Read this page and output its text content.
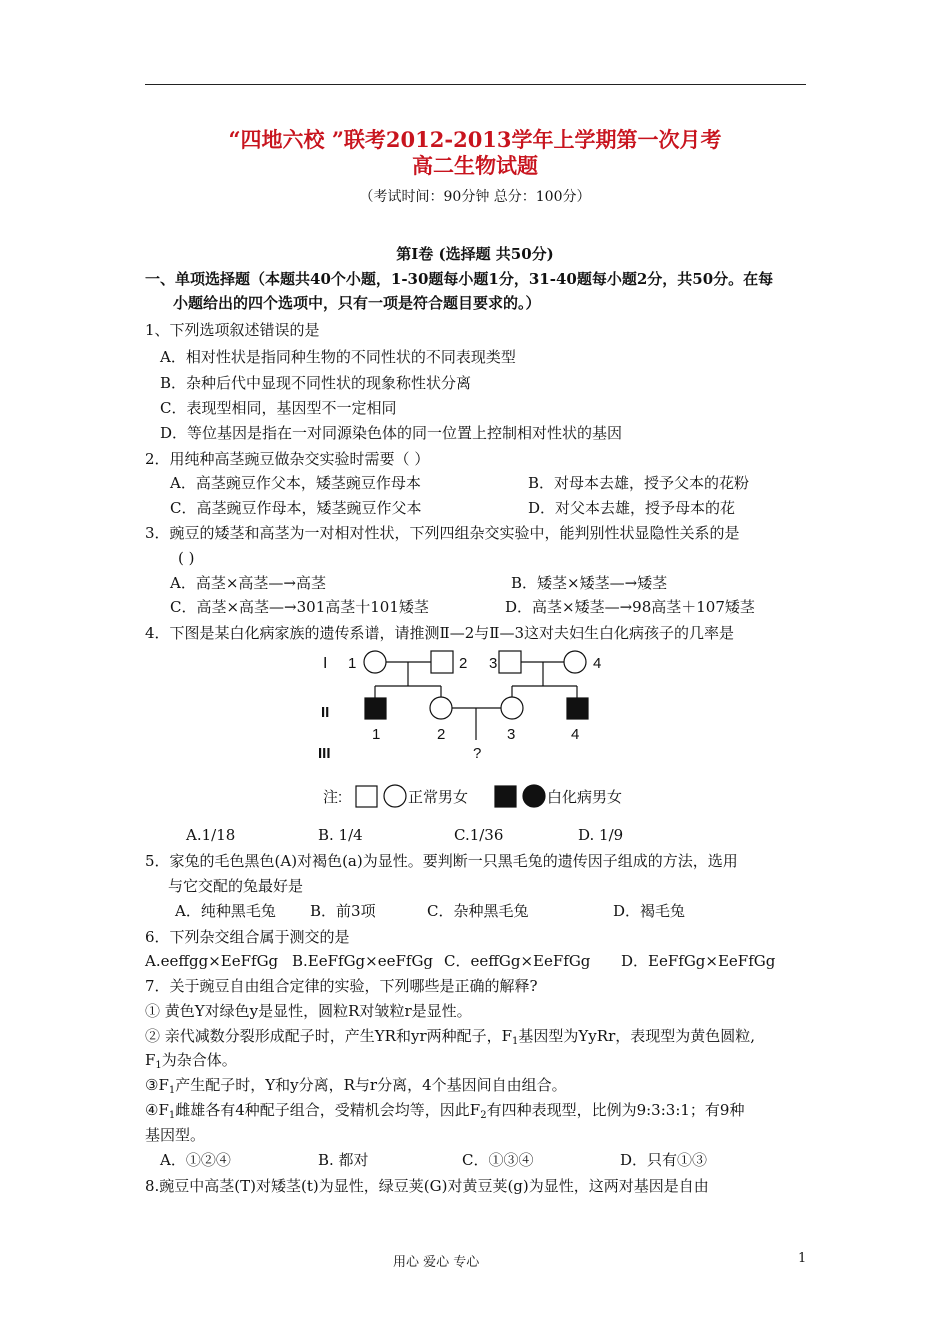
“四地六校 ”联考2012-2013学年上学期第一次月考
高二生物试题
（考试时间：90分钟 总分：100分）
第Ⅰ卷 (选择题 共50分)
一、单项选择题（本题共40个小题，1-30题每小题1分，31-40题每小题2分，共50分。在每
小题给出的四个选项中，只有一项是符合题目要求的。）
1、下列选项叙述错误的是
A．相对性状是指同种生物的不同性状的不同表现类型
B．杂种后代中显现不同性状的现象称性状分离
C．表现型相同，基因型不一定相同
D．等位基因是指在一对同源染色体的同一位置上控制相对性状的基因
2．用纯种高茎豌豆做杂交实验时需要（ ）
A．高茎豌豆作父本，矮茎豌豆作母本	B．对母本去雄，授予父本的花粉
C．高茎豌豆作母本，矮茎豌豆作父本	D．对父本去雄，授予母本的花
3．豌豆的矮茎和高茎为一对相对性状，下列四组杂交实验中，能判别性状显隐性关系的是
( )
A．高茎×高茎—→高茎	B．矮茎×矮茎—→矮茎
C．高茎×高茎—→301高茎十101矮茎	D．高茎×矮茎—→98高茎＋107矮茎
4．下图是某白化病家族的遗传系谱，请推测Ⅱ—2与Ⅱ—3这对夫妇生白化病孩子的几率是
Ⅰ
II
III
1	2 3	4
1	2	3	4
?
注:	正常男女	白化病男女
A.1/18	B. 1/4	C.1/36	D. 1/9
5．家兔的毛色黑色(A)对褐色(a)为显性。要判断一只黑毛兔的遗传因子组成的方法，选用
与它交配的兔最好是
A．纯种黑毛兔 B．前3项	C．杂种黑毛兔	D．褐毛兔
6．下列杂交组合属于测交的是
A.eeffgg×EeFfGg B.EeFfGg×eeFfGg C．eeffGg×EeFfGg D．EeFfGg×EeFfGg
7．关于豌豆自由组合定律的实验，下列哪些是正确的解释?
① 黄色Y对绿色y是显性，圆粒R对皱粒r是显性。
② 亲代减数分裂形成配子时，产生YR和yr两种配子，$F_1$基因型为YyRr，表现型为黄色圆粒,
$F_1$为杂合体。
$③F_1$产生配子时，Y和y分离，R与r分离，4个基因间自由组合。
$④F_1$雌雄各有4种配子组合，受精机会均等，因此$F_2$有四种表现型，比例为9:3:3:1；有9种
基因型。
A．①②④	B. 都对	C．①③④	D．只有①③
8.豌豆中高茎(T)对矮茎(t)为显性，绿豆荚(G)对黄豆荚(g)为显性，这两对基因是自由
用心 爱心 专心	1
